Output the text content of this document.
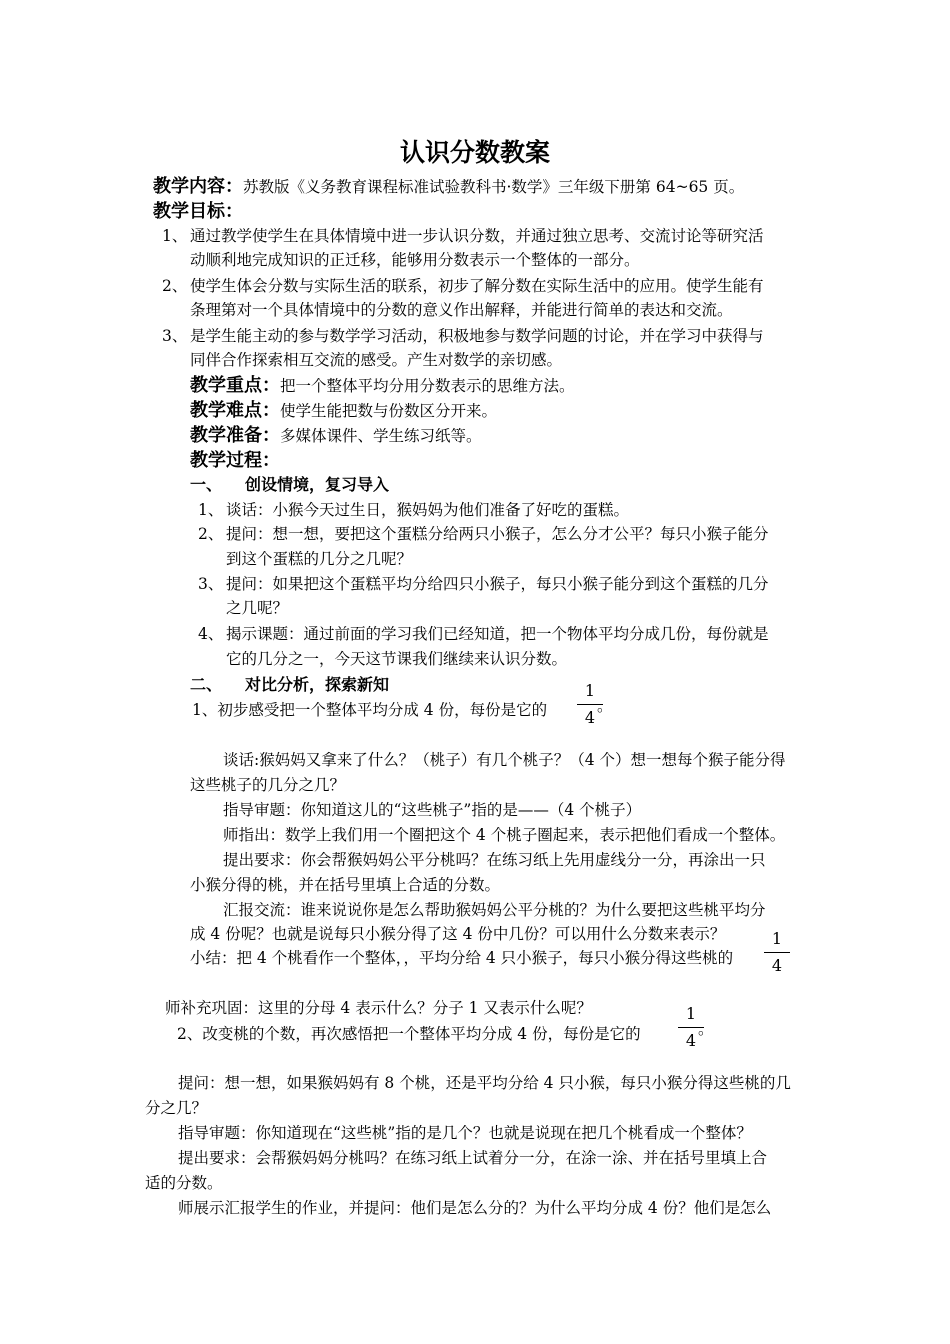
认识分数教案
教学内容：苏教版《义务教育课程标准试验教科书·数学》三年级下册第 64~65 页。
教学目标：
1、 通过教学使学生在具体情境中进一步认识分数，并通过独立思考、交流讨论等研究活
动顺利地完成知识的正迁移，能够用分数表示一个整体的一部分。
2、 使学生体会分数与实际生活的联系，初步了解分数在实际生活中的应用。使学生能有
条理第对一个具体情境中的分数的意义作出解释，并能进行简单的表达和交流。
3、 是学生能主动的参与数学学习活动，积极地参与数学问题的讨论，并在学习中获得与
同伴合作探索相互交流的感受。产生对数学的亲切感。
教学重点：把一个整体平均分用分数表示的思维方法。
教学难点：使学生能把数与份数区分开来。
教学准备：多媒体课件、学生练习纸等。
教学过程：
一、 创设情境，复习导入
1、 谈话：小猴今天过生日，猴妈妈为他们准备了好吃的蛋糕。
2、 提问：想一想，要把这个蛋糕分给两只小猴子，怎么分才公平？每只小猴子能分
到这个蛋糕的几分之几呢？
3、 提问：如果把这个蛋糕平均分给四只小猴子，每只小猴子能分到这个蛋糕的几分
之几呢？
4、 揭示课题：通过前面的学习我们已经知道，把一个物体平均分成几份，每份就是
它的几分之一，今天这节课我们继续来认识分数。
二、 对比分析，探索新知
1、初步感受把一个整体平均分成 4 份，每份是它的
1
4
。
谈话:猴妈妈又拿来了什么？（桃子）有几个桃子？（4 个）想一想每个猴子能分得
这些桃子的几分之几？
指导审题：你知道这儿的“这些桃子”指的是——（4 个桃子）
师指出：数学上我们用一个圈把这个 4 个桃子圈起来，表示把他们看成一个整体。
提出要求：你会帮猴妈妈公平分桃吗？在练习纸上先用虚线分一分，再涂出一只
小猴分得的桃，并在括号里填上合适的分数。
汇报交流：谁来说说你是怎么帮助猴妈妈公平分桃的？为什么要把这些桃平均分
成 4 份呢？也就是说每只小猴分得了这 4 份中几份？可以用什么分数来表示？
小结：把 4 个桃看作一个整体，，平均分给 4 只小猴子，每只小猴分得这些桃的
1
4
师补充巩固：这里的分母 4 表示什么？分子 1 又表示什么呢？
2、改变桃的个数，再次感悟把一个整体平均分成 4 份，每份是它的
1
4
。
提问：想一想，如果猴妈妈有 8 个桃，还是平均分给 4 只小猴，每只小猴分得这些桃的几
分之几？
指导审题：你知道现在“这些桃”指的是几个？也就是说现在把几个桃看成一个整体？
提出要求：会帮猴妈妈分桃吗？在练习纸上试着分一分，在涂一涂、并在括号里填上合
适的分数。
师展示汇报学生的作业，并提问：他们是怎么分的？为什么平均分成 4 份？他们是怎么
